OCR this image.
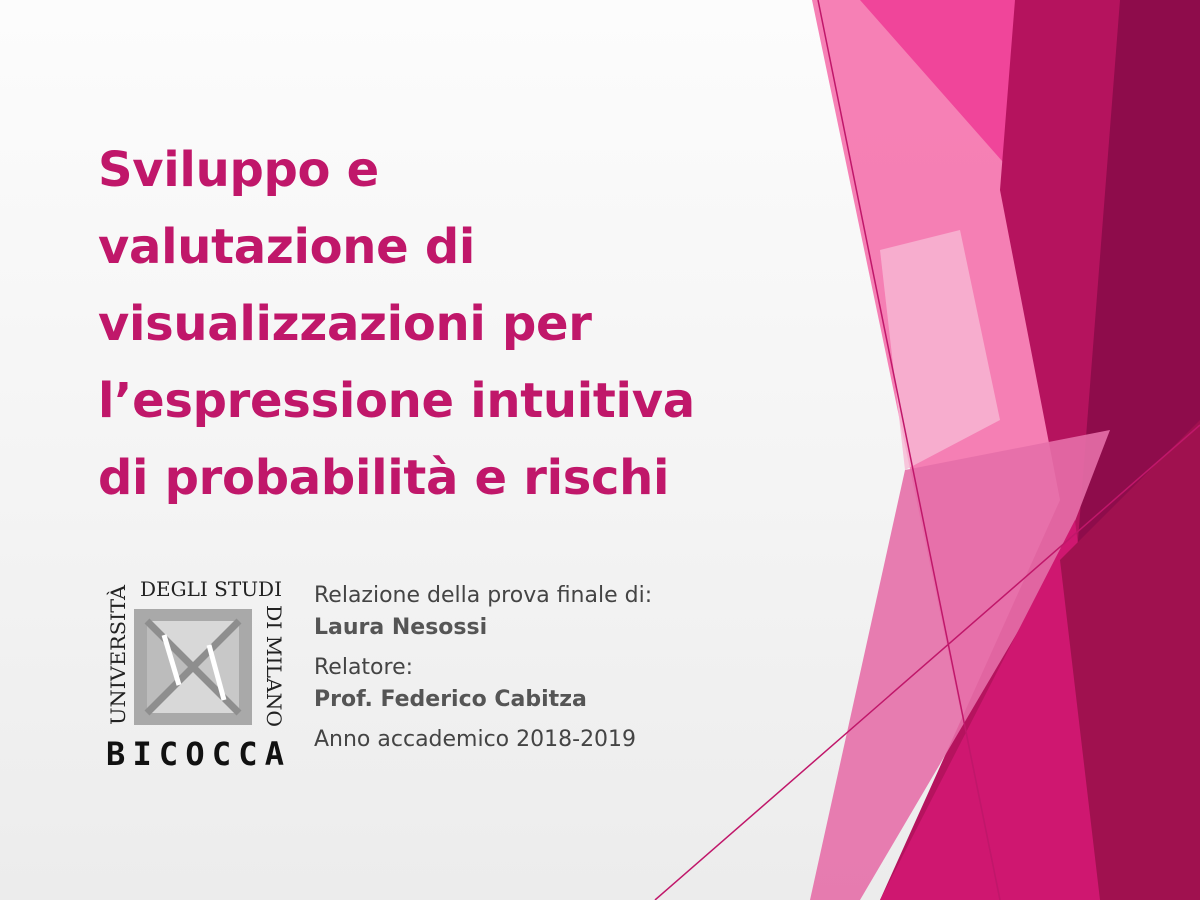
Sviluppo e
valutazione di
visualizzazioni per
l’espressione intuitiva
di probabilità e rischi
UNIVERSITÀ
DEGLI STUDI
DI MILANO
BICOCCA
Relazione della prova finale di:
Laura Nesossi
Relatore:
Prof. Federico Cabitza
Anno accademico 2018-2019
